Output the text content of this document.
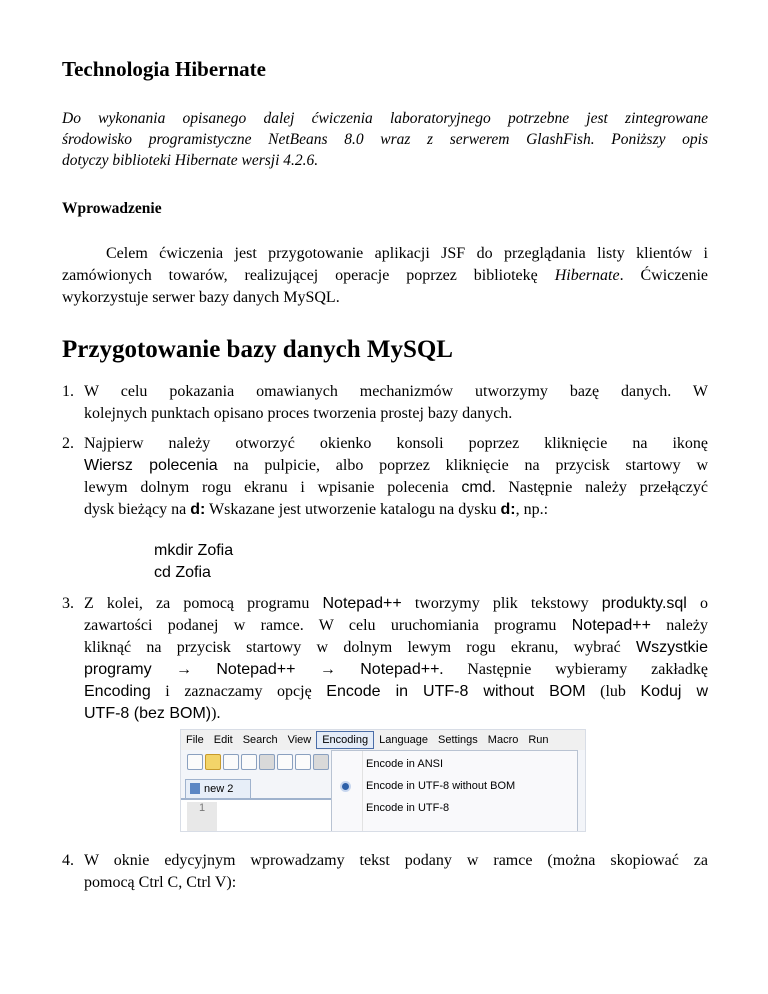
Technologia Hibernate
Do wykonania opisanego dalej ćwiczenia laboratoryjnego potrzebne jest zintegrowane
środowisko programistyczne NetBeans 8.0 wraz z serwerem GlashFish. Poniższy opis
dotyczy biblioteki Hibernate wersji 4.2.6.
Wprowadzenie
Celem ćwiczenia jest przygotowanie aplikacji JSF do przeglądania listy klientów i
zamówionych towarów, realizującej operacje poprzez bibliotekę Hibernate. Ćwiczenie
wykorzystuje serwer bazy danych MySQL.
Przygotowanie bazy danych MySQL
1. W celu pokazania omawianych mechanizmów utworzymy bazę danych. W
kolejnych punktach opisano proces tworzenia prostej bazy danych.
2. Najpierw należy otworzyć okienko konsoli poprzez kliknięcie na ikonę
Wiersz polecenia na pulpicie, albo poprzez kliknięcie na przycisk startowy w
lewym dolnym rogu ekranu i wpisanie polecenia cmd. Następnie należy przełączyć
dysk bieżący na d: Wskazane jest utworzenie katalogu na dysku d:, np.:
mkdir Zofia
cd Zofia
3. Z kolei, za pomocą programu Notepad++ tworzymy plik tekstowy produkty.sql o
zawartości podanej w ramce. W celu uruchomiania programu Notepad++ należy
kliknąć na przycisk startowy w dolnym lewym rogu ekranu, wybrać Wszystkie
programy → Notepad++ → Notepad++. Następnie wybieramy zakładkę
Encoding i zaznaczamy opcję Encode in UTF-8 without BOM (lub Koduj w
UTF-8 (bez BOM)).
File Edit Search View	Encoding	Language Settings Macro Run
new 2
1
Encode in ANSI
Encode in UTF-8 without BOM
Encode in UTF-8
4. W oknie edycyjnym wprowadzamy tekst podany w ramce (można skopiować za
pomocą Ctrl C, Ctrl V):
